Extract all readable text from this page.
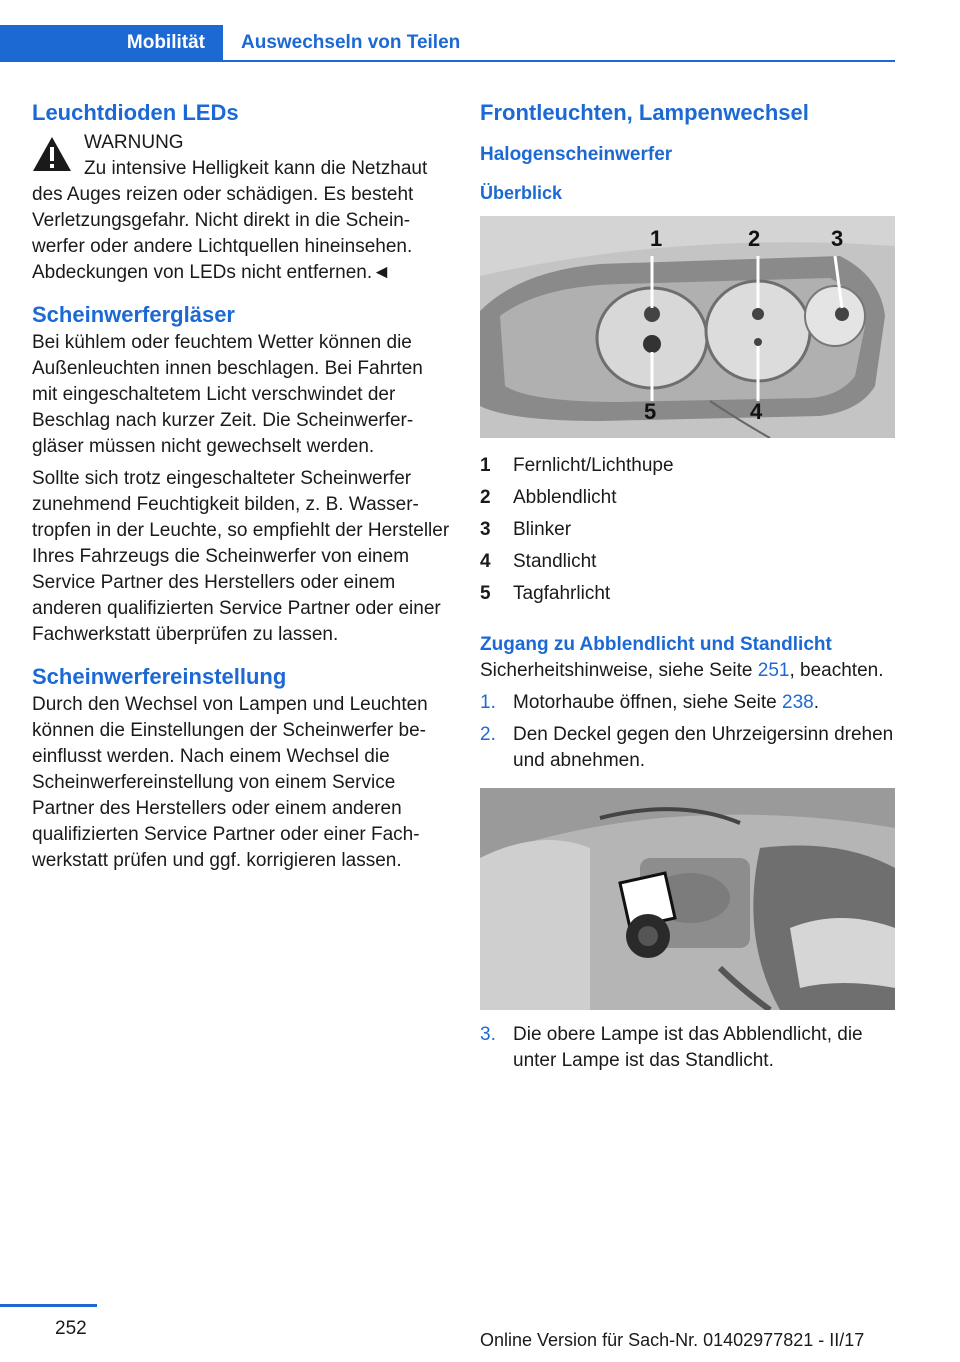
Mobilität Auswechseln von Teilen
Leuchtdioden LEDs
WARNUNG

Zu intensive Helligkeit kann die Netzhaut des Auges reizen oder schädigen. Es besteht Verletzungsgefahr. Nicht direkt in die Scheinwerfer oder andere Lichtquellen hineinsehen. Abdeckungen von LEDs nicht entfernen.◄

Scheinwerfergläser

Bei kühlem oder feuchtem Wetter können die Außenleuchten innen beschlagen. Bei Fahrten mit eingeschaltetem Licht verschwindet der Beschlag nach kurzer Zeit. Die Scheinwerfergläser müssen nicht gewechselt werden.

Sollte sich trotz eingeschalteter Scheinwerfer zunehmend Feuchtigkeit bilden, z. B. Wassertropfen in der Leuchte, so empfiehlt der Hersteller Ihres Fahrzeugs die Scheinwerfer von einem Service Partner des Herstellers oder einem anderen qualifizierten Service Partner oder einer Fachwerkstatt überprüfen zu lassen.

Scheinwerfereinstellung

Durch den Wechsel von Lampen und Leuchten können die Einstellungen der Scheinwerfer beeinflusst werden. Nach einem Wechsel die Scheinwerfereinstellung von einem Service Partner des Herstellers oder einem anderen qualifizierten Service Partner oder einer Fachwerkstatt prüfen und ggf. korrigieren lassen.

Frontleuchten, Lampenwechsel
Halogenscheinwerfer
Überblick
1	2	3
4
5
1	Fernlicht/Lichthupe
2	Abblendlicht
3	Blinker
4	Standlicht
5	Tagfahrlicht
Zugang zu Abblendlicht und Standlicht

Sicherheitshinweise, siehe Seite 251, beachten.

1. Motorhaube öffnen, siehe Seite 238.
2. Den Deckel gegen den Uhrzeigersinn drehen und abnehmen.
3. Die obere Lampe ist das Abblendlicht, die unter Lampe ist das Standlicht.
252
Online Version für Sach-Nr. 01402977821 - II/17
